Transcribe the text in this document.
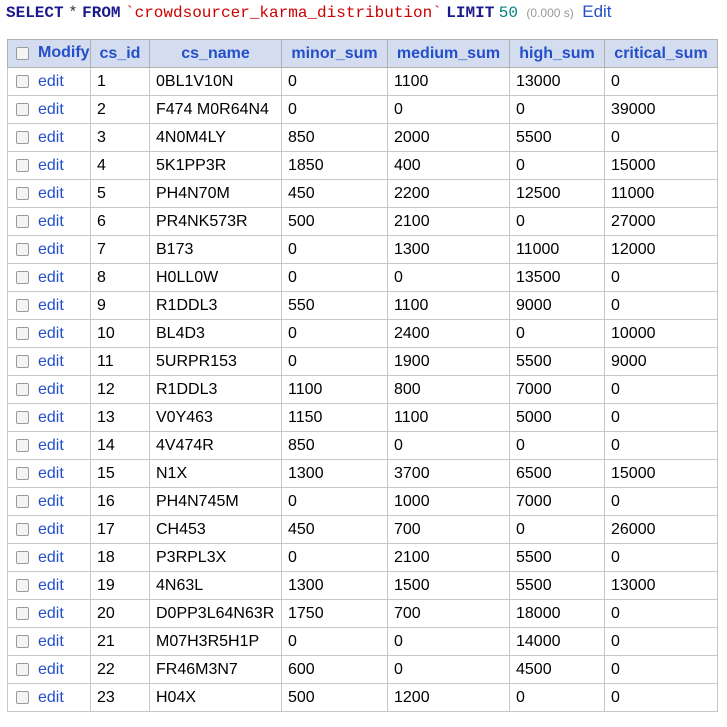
SELECT * FROM `crowdsourcer_karma_distribution` LIMIT 50 (0.000 s) Edit
Modify	cs_id	cs_name	minor_sum	medium_sum	high_sum	critical_sum
edit	1	0BL1V10N	0	1100	13000	0
edit	2	F474 M0R64N4	0	0	0	39000
edit	3	4N0M4LY	850	2000	5500	0
edit	4	5K1PP3R	1850	400	0	15000
edit	5	PH4N70M	450	2200	12500	11000
edit	6	PR4NK573R	500	2100	0	27000
edit	7	B173	0	1300	11000	12000
edit	8	H0LL0W	0	0	13500	0
edit	9	R1DDL3	550	1100	9000	0
edit	10	BL4D3	0	2400	0	10000
edit	11	5URPR153	0	1900	5500	9000
edit	12	R1DDL3	1100	800	7000	0
edit	13	V0Y463	1150	1100	5000	0
edit	14	4V474R	850	0	0	0
edit	15	N1X	1300	3700	6500	15000
edit	16	PH4N745M	0	1000	7000	0
edit	17	CH453	450	700	0	26000
edit	18	P3RPL3X	0	2100	5500	0
edit	19	4N63L	1300	1500	5500	13000
edit	20	D0PP3L64N63R	1750	700	18000	0
edit	21	M07H3R5H1P	0	0	14000	0
edit	22	FR46M3N7	600	0	4500	0
edit	23	H04X	500	1200	0	0
